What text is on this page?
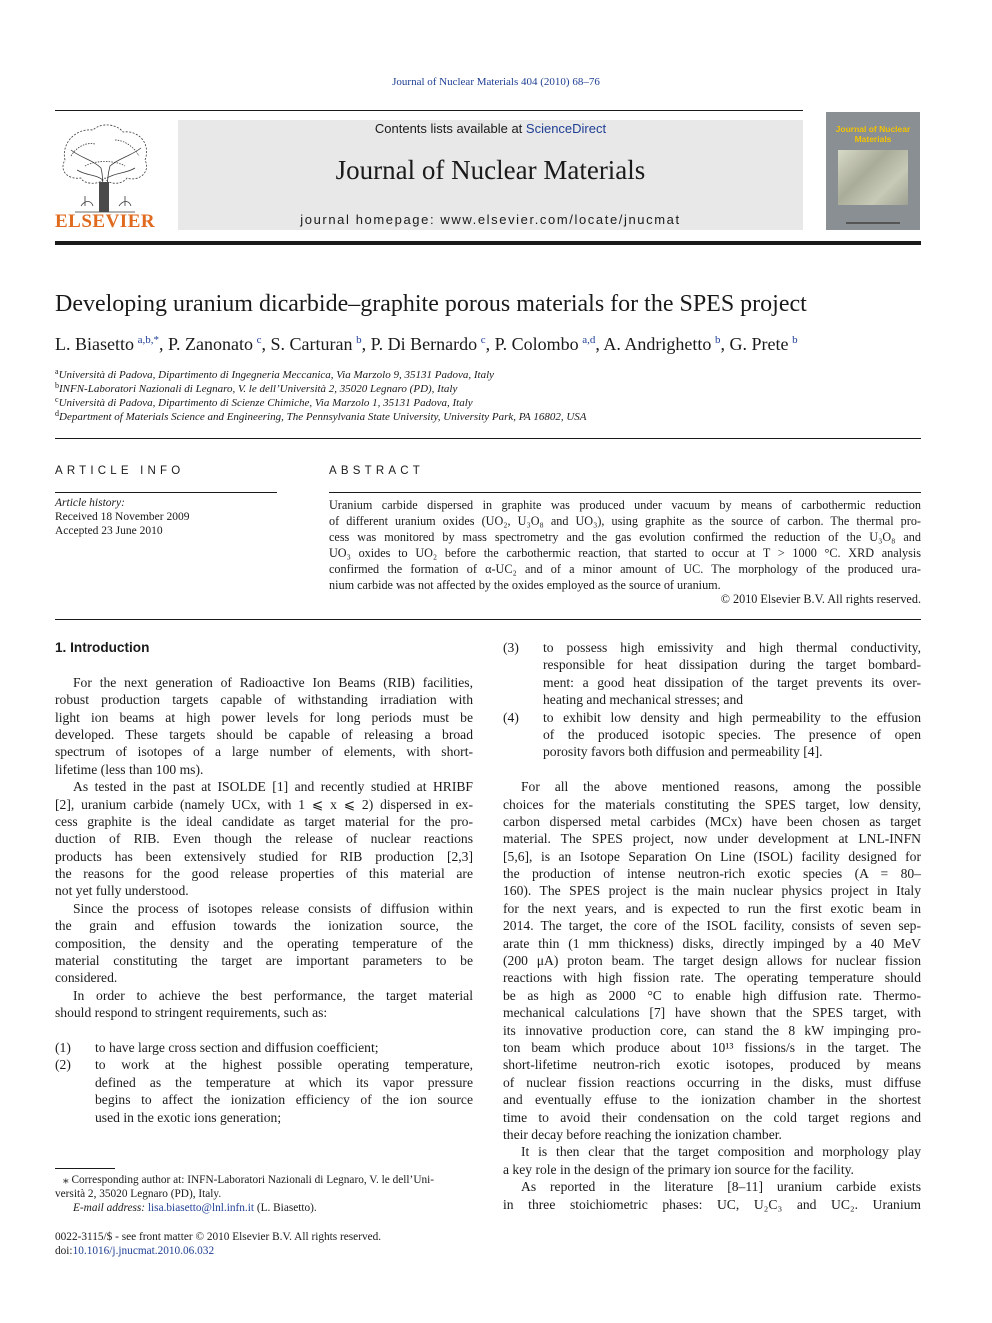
Journal of Nuclear Materials 404 (2010) 68–76
ELSEVIER
Contents lists available at ScienceDirect
Journal of Nuclear Materials
journal homepage: www.elsevier.com/locate/jnucmat
Journal of Nuclear Materials
Developing uranium dicarbide–graphite porous materials for the SPES project
L. Biasetto  $^{a,b,*}$, P. Zanonato  $^c$, S. Carturan  $^b$, P. Di Bernardo  $^c$, P. Colombo  $^{a,d}$, A. Andrighetto  $^b$, G. Prete  $^b$
$^a$Università di Padova, Dipartimento di Ingegneria Meccanica, Via Marzolo 9, 35131 Padova, Italy
$^b$INFN-Laboratori Nazionali di Legnaro, V. le dell’Università 2, 35020 Legnaro (PD), Italy
$^c$Università di Padova, Dipartimento di Scienze Chimiche, Via Marzolo 1, 35131 Padova, Italy
$^d$Department of Materials Science and Engineering, The Pennsylvania State University, University Park, PA 16802, USA
ARTICLE INFO
Article history:
Received 18 November 2009
Accepted 23 June 2010
ABSTRACT
Uranium carbide dispersed in graphite was produced under vacuum by means of carbothermic reduction
of different uranium oxides (UO₂, U₃O₈ and UO₃), using graphite as the source of carbon. The thermal pro-
cess was monitored by mass spectrometry and the gas evolution confirmed the reduction of the U₃O₈ and
UO₃ oxides to UO₂ before the carbothermic reaction, that started to occur at T > 1000 °C. XRD analysis
confirmed the formation of α-UC₂ and of a minor amount of UC. The morphology of the produced ura-
nium carbide was not affected by the oxides employed as the source of uranium.
© 2010 Elsevier B.V. All rights reserved.
1. Introduction
For the next generation of Radioactive Ion Beams (RIB) facilities,
robust production targets capable of withstanding irradiation with
light ion beams at high power levels for long periods must be
developed. These targets should be capable of releasing a broad
spectrum of isotopes of a large number of elements, with short-
lifetime (less than 100 ms).
As tested in the past at ISOLDE [1] and recently studied at HRIBF
[2], uranium carbide (namely UCx, with 1 ⩽ x ⩽ 2) dispersed in ex-
cess graphite is the ideal candidate as target material for the pro-
duction of RIB. Even though the release of nuclear reactions
products has been extensively studied for RIB production [2,3]
the reasons for the good release properties of this material are
not yet fully understood.
Since the process of isotopes release consists of diffusion within
the grain and effusion towards the ionization source, the
composition, the density and the operating temperature of the
material constituting the target are important parameters to be
considered.
In order to achieve the best performance, the target material
should respond to stringent requirements, such as:
(1) to have large cross section and diffusion coefficient;
(2) to work at the highest possible operating temperature,
defined as the temperature at which its vapor pressure
begins to affect the ionization efficiency of the ion source
used in the exotic ions generation;
(3) to possess high emissivity and high thermal conductivity,
responsible for heat dissipation during the target bombard-
ment: a good heat dissipation of the target prevents its over-
heating and mechanical stresses; and
(4) to exhibit low density and high permeability to the effusion
of the produced isotopic species. The presence of open
porosity favors both diffusion and permeability [4].
For all the above mentioned reasons, among the possible
choices for the materials constituting the SPES target, low density,
carbon dispersed metal carbides (MCx) have been chosen as target
material. The SPES project, now under development at LNL-INFN
[5,6], is an Isotope Separation On Line (ISOL) facility designed for
the production of intense neutron-rich exotic species (A = 80–
160). The SPES project is the main nuclear physics project in Italy
for the next years, and is expected to run the first exotic beam in
2014. The target, the core of the ISOL facility, consists of seven sep-
arate thin (1 mm thickness) disks, directly impinged by a 40 MeV
(200 μA) proton beam. The target design allows for nuclear fission
reactions with high fission rate. The operating temperature should
be as high as 2000 °C to enable high diffusion rate. Thermo-
mechanical calculations [7] have shown that the SPES target, with
its innovative production core, can stand the 8 kW impinging pro-
ton beam which produce about 10¹³ fissions/s in the target. The
short-lifetime neutron-rich exotic isotopes, produced by means
of nuclear fission reactions occurring in the disks, must diffuse
and eventually effuse to the ionization chamber in the shortest
time to avoid their condensation on the cold target regions and
their decay before reaching the ionization chamber.
It is then clear that the target composition and morphology play
a key role in the design of the primary ion source for the facility.
As reported in the literature [8–11] uranium carbide exists
in three stoichiometric phases: UC, U₂C₃ and UC₂. Uranium
⁎ Corresponding author at: INFN-Laboratori Nazionali di Legnaro, V. le dell’Uni-
versità 2, 35020 Legnaro (PD), Italy.
E-mail address: lisa.biasetto@lnl.infn.it (L. Biasetto).
0022-3115/$ - see front matter © 2010 Elsevier B.V. All rights reserved.
doi:10.1016/j.jnucmat.2010.06.032
